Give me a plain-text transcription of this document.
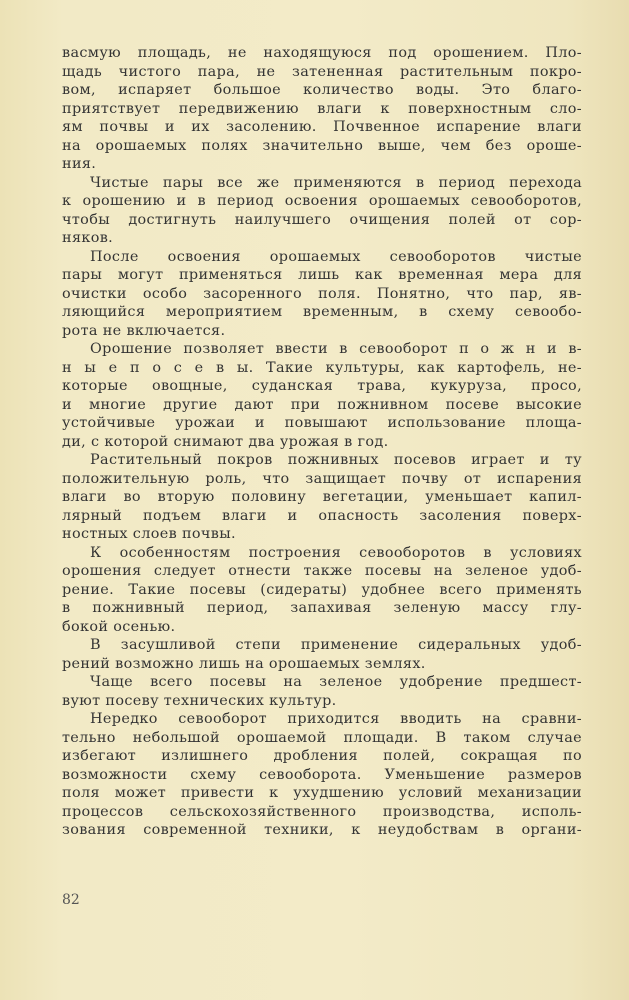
васмую площадь, не находящуюся под орошением. Пло-
щадь чистого пара, не затененная растительным покро-
вом, испаряет большое количество воды. Это благо-
приятствует передвижению влаги к поверхностным сло-
ям почвы и их засолению. Почвенное испарение влаги
на орошаемых полях значительно выше, чем без ороше-
ния.
Чистые пары все же применяются в период перехода
к орошению и в период освоения орошаемых севооборотов,
чтобы достигнуть наилучшего очищения полей от сор-
няков.
После освоения орошаемых севооборотов чистые
пары могут применяться лишь как временная мера для
очистки особо засоренного поля. Понятно, что пар, яв-
ляющийся мероприятием временным, в схему севообо-
рота не включается.
Орошение позволяет ввести в севооборот п о ж н и в-
н ы е п о с е в ы. Такие культуры, как картофель, не-
которые овощные, суданская трава, кукуруза, просо,
и многие другие дают при пожнивном посеве высокие
устойчивые урожаи и повышают использование площа-
ди, с которой снимают два урожая в год.
Растительный покров пожнивных посевов играет и ту
положительную роль, что защищает почву от испарения
влаги во вторую половину вегетации, уменьшает капил-
лярный подъем влаги и опасность засоления поверх-
ностных слоев почвы.
К особенностям построения севооборотов в условиях
орошения следует отнести также посевы на зеленое удоб-
рение. Такие посевы (сидераты) удобнее всего применять
в пожнивный период, запахивая зеленую массу глу-
бокой осенью.
В засушливой степи применение сидеральных удоб-
рений возможно лишь на орошаемых землях.
Чаще всего посевы на зеленое удобрение предшест-
вуют посеву технических культур.
Нередко севооборот приходится вводить на сравни-
тельно небольшой орошаемой площади. В таком случае
избегают излишнего дробления полей, сокращая по
возможности схему севооборота. Уменьшение размеров
поля может привести к ухудшению условий механизации
процессов сельскохозяйственного производства, исполь-
зования современной техники, к неудобствам в органи-
82
